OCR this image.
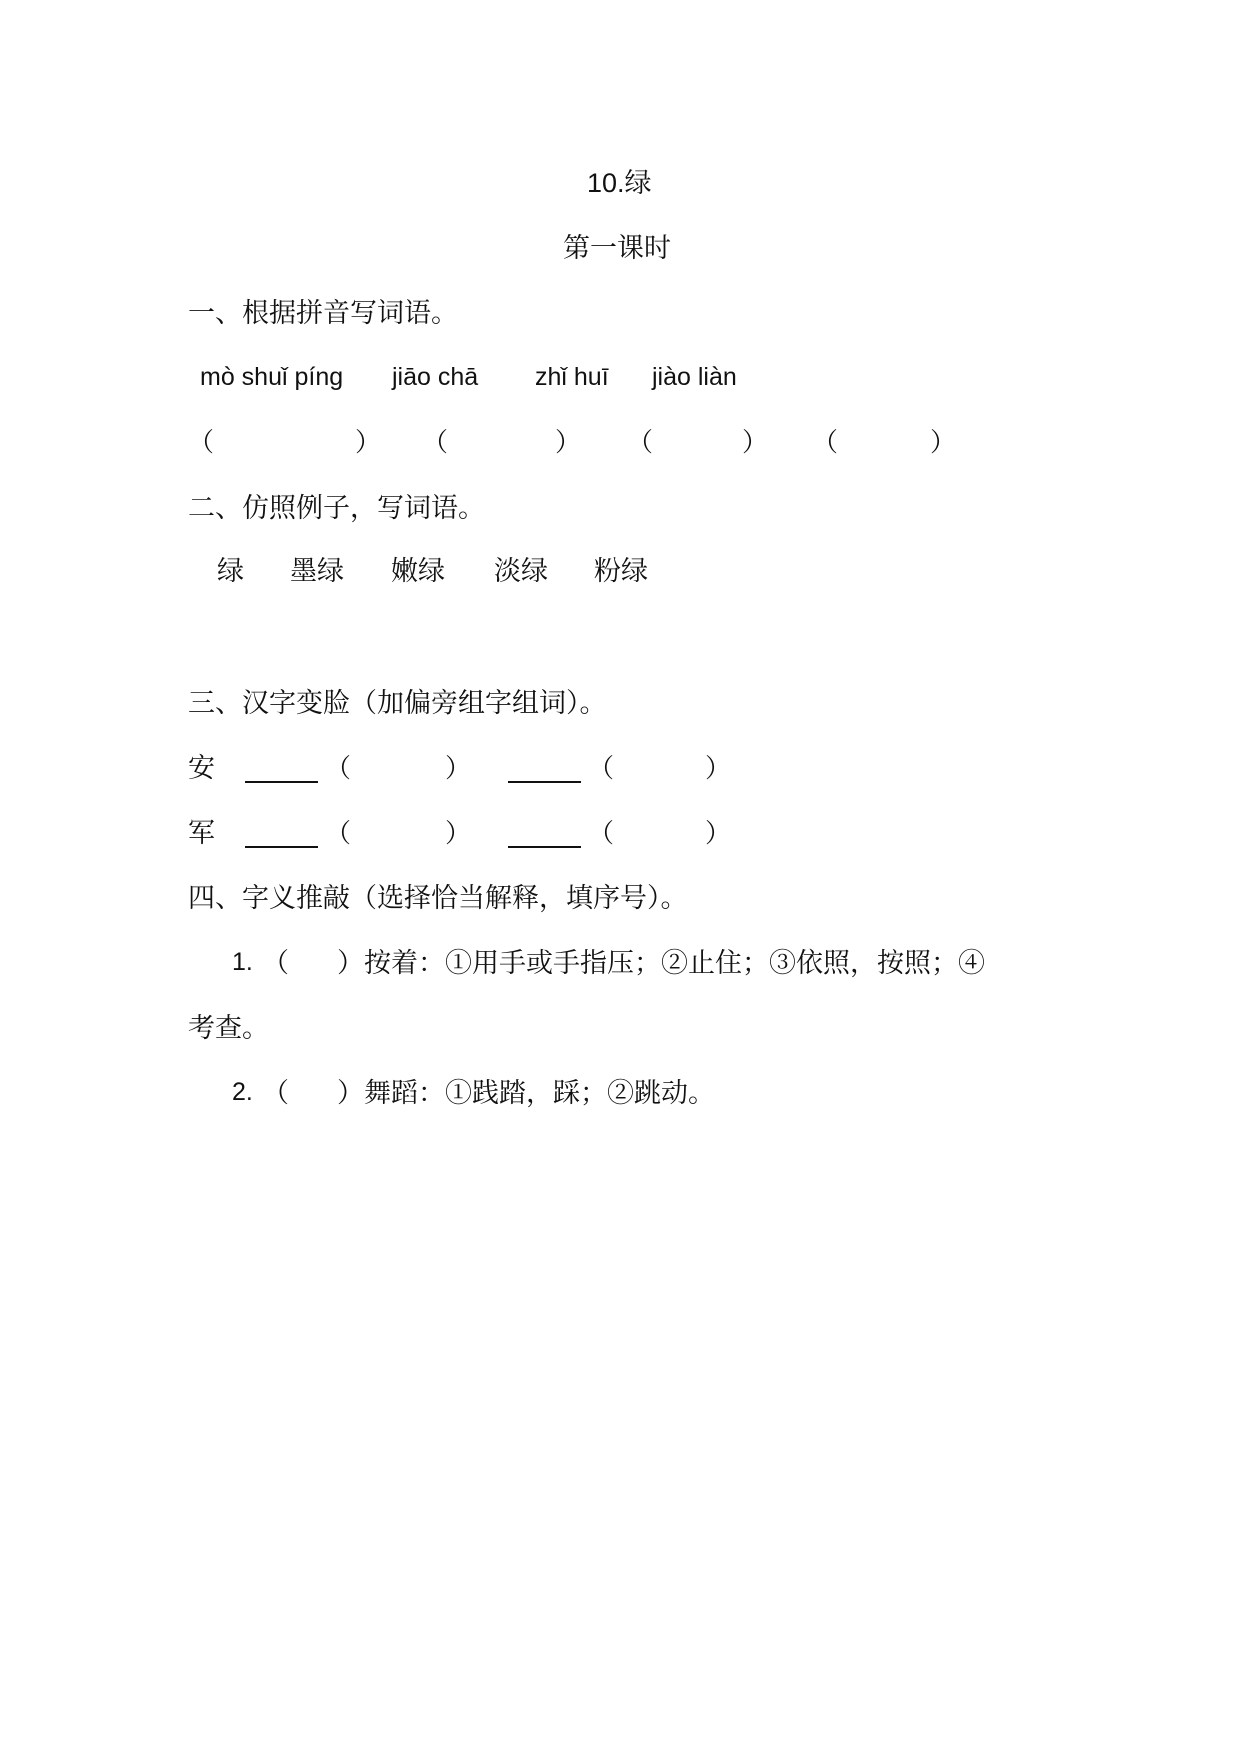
10.绿
第一课时
一、根据拼音写词语。
mò shuǐ píng jiāo chā zhǐ huī jiào liàn
（	） （	） （	） （	）
二、仿照例子，写词语。
绿 墨绿 嫩绿 淡绿 粉绿
三、汉字变脸（加偏旁组字组词）。
安	（	）	（	）
军	（	）	（	）
四、字义推敲（选择恰当解释，填序号）。
1. （ ）按着：①用手或手指压；②止住；③依照，按照；④
考查。
2. （ ）舞蹈：①践踏，踩；②跳动。
